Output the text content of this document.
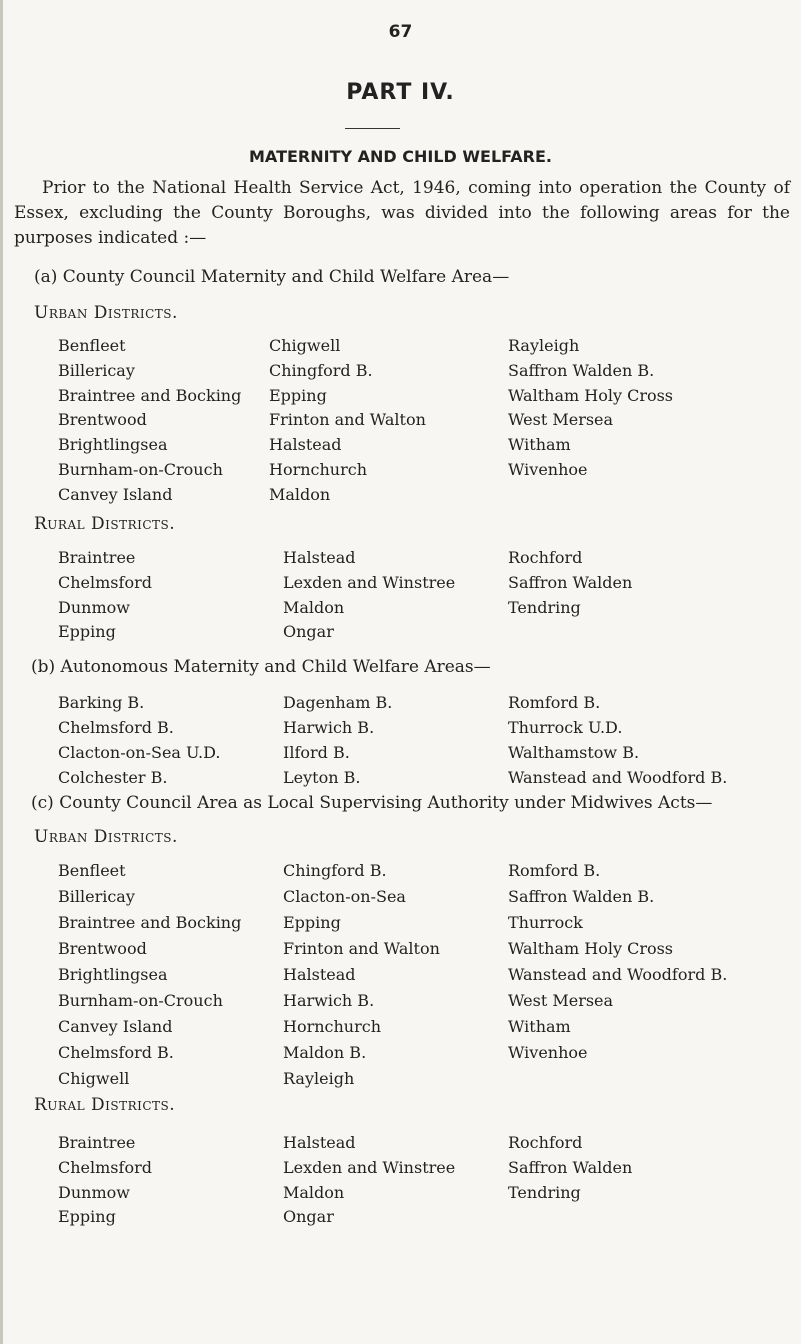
67
PART IV.
MATERNITY AND CHILD WELFARE.

Prior to the National Health Service Act, 1946, coming into operation the County of Essex, excluding the County Boroughs, was divided into the following areas for the purposes indicated :—

(a) County Council Maternity and Child Welfare Area—
Urban Districts.
Benfleet
Billericay
Braintree and Bocking
Brentwood
Brightlingsea
Burnham-on-Crouch
Canvey Island
Chigwell
Chingford B.
Epping
Frinton and Walton
Halstead
Hornchurch
Maldon
Rayleigh
Saffron Walden B.
Waltham Holy Cross
West Mersea
Witham
Wivenhoe
Rural Districts.
Braintree
Chelmsford
Dunmow
Epping
Halstead
Lexden and Winstree
Maldon
Ongar
Rochford
Saffron Walden
Tendring
(b) Autonomous Maternity and Child Welfare Areas—
Barking B.
Chelmsford B.
Clacton-on-Sea U.D.
Colchester B.
Dagenham B.
Harwich B.
Ilford B.
Leyton B.
Romford B.
Thurrock U.D.
Walthamstow B.
Wanstead and Woodford B.
(c) County Council Area as Local Supervising Authority under Midwives Acts—
Urban Districts.
Benfleet
Billericay
Braintree and Bocking
Brentwood
Brightlingsea
Burnham-on-Crouch
Canvey Island
Chelmsford B.
Chigwell
Chingford B.
Clacton-on-Sea
Epping
Frinton and Walton
Halstead
Harwich B.
Hornchurch
Maldon B.
Rayleigh
Romford B.
Saffron Walden B.
Thurrock
Waltham Holy Cross
Wanstead and Woodford B.
West Mersea
Witham
Wivenhoe
Rural Districts.
Braintree
Chelmsford
Dunmow
Epping
Halstead
Lexden and Winstree
Maldon
Ongar
Rochford
Saffron Walden
Tendring
